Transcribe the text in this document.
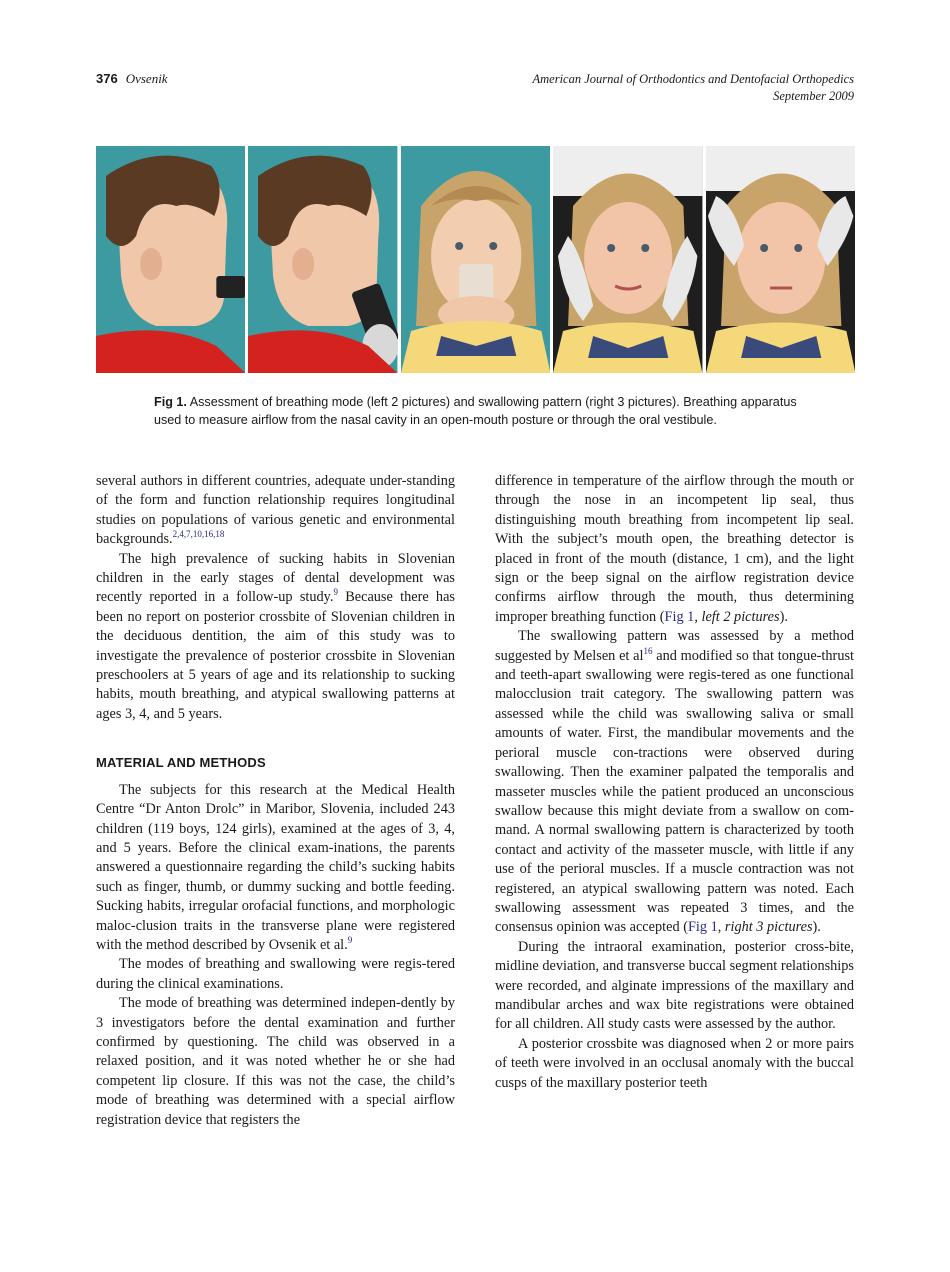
376 Ovsenik	American Journal of Orthodontics and Dentofacial Orthopedics
September 2009
Fig 1. Assessment of breathing mode (left 2 pictures) and swallowing pattern (right 3 pictures). Breathing apparatus used to measure airflow from the nasal cavity in an open-mouth posture or through the oral vestibule.

several authors in different countries, adequate under-standing of the form and function relationship requires longitudinal studies on populations of various genetic and environmental backgrounds.$^{2,4,7,10,16,18}$

The high prevalence of sucking habits in Slovenian children in the early stages of dental development was recently reported in a follow-up study.$^9$ Because there has been no report on posterior crossbite of Slovenian children in the deciduous dentition, the aim of this study was to investigate the prevalence of posterior crossbite in Slovenian preschoolers at 5 years of age and its relationship to sucking habits, mouth breathing, and atypical swallowing patterns at ages 3, 4, and 5 years.

MATERIAL AND METHODS

The subjects for this research at the Medical Health Centre “Dr Anton Drolc” in Maribor, Slovenia, included 243 children (119 boys, 124 girls), examined at the ages of 3, 4, and 5 years. Before the clinical exam-inations, the parents answered a questionnaire regarding the child’s sucking habits such as finger, thumb, or dummy sucking and bottle feeding. Sucking habits, irregular orofacial functions, and morphologic maloc-clusion traits in the transverse plane were registered with the method described by Ovsenik et al.$^9$

The modes of breathing and swallowing were regis-tered during the clinical examinations.

The mode of breathing was determined indepen-dently by 3 investigators before the dental examination and further confirmed by questioning. The child was observed in a relaxed position, and it was noted whether he or she had competent lip closure. If this was not the case, the child’s mode of breathing was determined with a special airflow registration device that registers the

difference in temperature of the airflow through the mouth or through the nose in an incompetent lip seal, thus distinguishing mouth breathing from incompetent lip seal. With the subject’s mouth open, the breathing detector is placed in front of the mouth (distance, 1 cm), and the light sign or the beep signal on the airflow registration device confirms airflow through the mouth, thus determining improper breathing function (Fig 1, left 2 pictures).

The swallowing pattern was assessed by a method suggested by Melsen et $al^{16}$ and modified so that tongue-thrust and teeth-apart swallowing were regis-tered as one functional malocclusion trait category. The swallowing pattern was assessed while the child was swallowing saliva or small amounts of water. First, the mandibular movements and the perioral muscle con-tractions were observed during swallowing. Then the examiner palpated the temporalis and masseter muscles while the patient produced an unconscious swallow because this might deviate from a swallow on com-mand. A normal swallowing pattern is characterized by tooth contact and activity of the masseter muscle, with little if any use of the perioral muscles. If a muscle contraction was not registered, an atypical swallowing pattern was noted. Each swallowing assessment was repeated 3 times, and the consensus opinion was accepted (Fig 1, right 3 pictures).

During the intraoral examination, posterior cross-bite, midline deviation, and transverse buccal segment relationships were recorded, and alginate impressions of the maxillary and mandibular arches and wax bite registrations were obtained for all children. All study casts were assessed by the author.

A posterior crossbite was diagnosed when 2 or more pairs of teeth were involved in an occlusal anomaly with the buccal cusps of the maxillary posterior teeth
